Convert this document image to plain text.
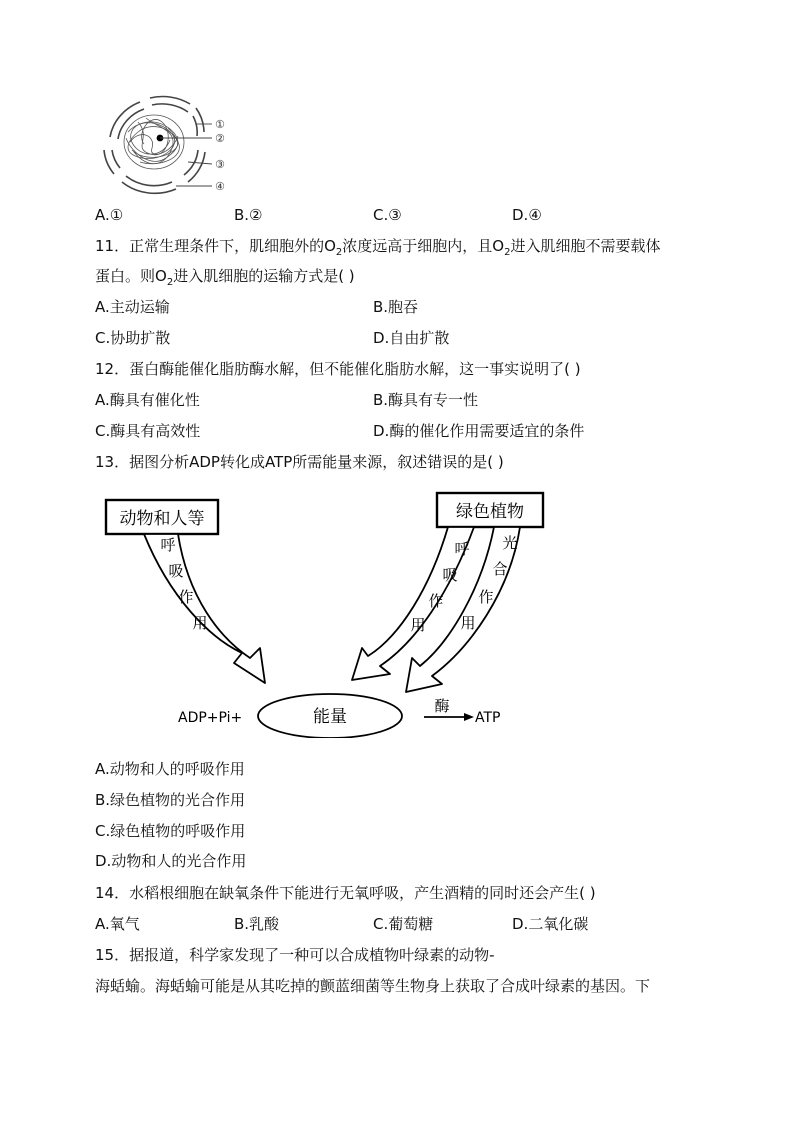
①
②
③
④
A.①	B.②	C.③	D.④
11．正常生理条件下，肌细胞外的$O_2$浓度远高于细胞内，且$O_2$进入肌细胞不需要载体
蛋白。则$O_2$进入肌细胞的运输方式是( )
A.主动运输	B.胞吞
C.协助扩散	D.自由扩散
12．蛋白酶能催化脂肪酶水解，但不能催化脂肪水解，这一事实说明了( )
A.酶具有催化性	B.酶具有专一性
C.酶具有高效性	D.酶的催化作用需要适宜的条件
13．据图分析ADP转化成ATP所需能量来源，叙述错误的是( )
动物和人等	绿色植物
呼
吸
作
用
呼
吸
作
用
光
合
作
用
ADP+Pi+	能量
酶
ATP
A.动物和人的呼吸作用
B.绿色植物的光合作用
C.绿色植物的呼吸作用
D.动物和人的光合作用
14．水稻根细胞在缺氧条件下能进行无氧呼吸，产生酒精的同时还会产生( )
A.氧气	B.乳酸	C.葡萄糖	D.二氧化碳
15．据报道，科学家发现了一种可以合成植物叶绿素的动物-
海蛞蝓。海蛞蝓可能是从其吃掉的颤蓝细菌等生物身上获取了合成叶绿素的基因。下
